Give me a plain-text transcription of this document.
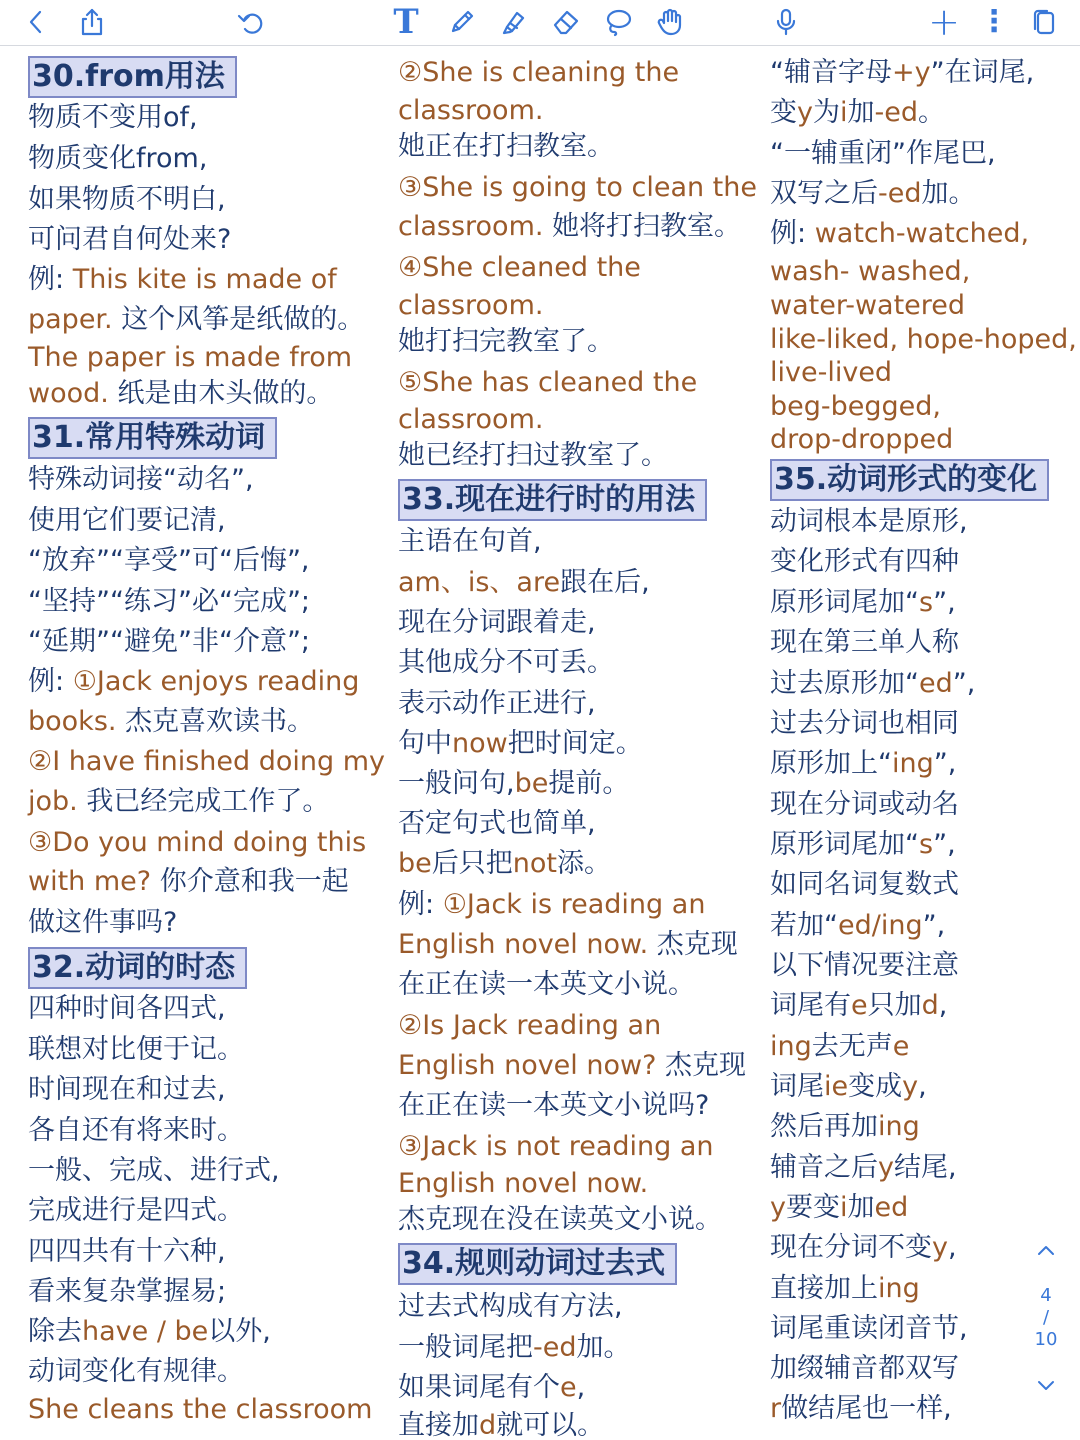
T	+ ⋮
30.from用法
物质不变用of,
物质变化from,
如果物质不明白,
可问君自何处来?
例: This kite is made of
paper. 这个风筝是纸做的。
The paper is made from
wood. 纸是由木头做的。
31.常用特殊动词
特殊动词接“动名”,
使用它们要记清,
“放弃”“享受”可“后悔”,
“坚持”“练习”必“完成”;
“延期”“避免”非“介意”;
例: ①Jack enjoys reading
books. 杰克喜欢读书。
②I have finished doing my
job. 我已经完成工作了。
③Do you mind doing this
with me? 你介意和我一起
做这件事吗?
32.动词的时态
四种时间各四式,
联想对比便于记。
时间现在和过去,
各自还有将来时。
一般、完成、进行式,
完成进行是四式。
四四共有十六种,
看来复杂掌握易;
除去have / be以外,
动词变化有规律。
She cleans the classroom
②She is cleaning the
classroom.
她正在打扫教室。
③She is going to clean the
classroom. 她将打扫教室。
④She cleaned the
classroom.
她打扫完教室了。
⑤She has cleaned the
classroom.
她已经打扫过教室了。
33.现在进行时的用法
主语在句首,
am、is、are跟在后,
现在分词跟着走,
其他成分不可丢。
表示动作正进行,
句中now把时间定。
一般问句,be提前。
否定句式也简单,
be后只把not添。
例: ①Jack is reading an
English novel now. 杰克现
在正在读一本英文小说。
②Is Jack reading an
English novel now? 杰克现
在正在读一本英文小说吗?
③Jack is not reading an
English novel now.
杰克现在没在读英文小说。
34.规则动词过去式
过去式构成有方法,
一般词尾把-ed加。
如果词尾有个e,
直接加d就可以。
“辅音字母+y”在词尾,
变y为i加-ed。
“一辅重闭”作尾巴,
双写之后-ed加。
例: watch-watched,
wash- washed,
water-watered
like-liked, hope-hoped,
live-lived
beg-begged,
drop-dropped
35.动词形式的变化
动词根本是原形,
变化形式有四种
原形词尾加“s”,
现在第三单人称
过去原形加“ed”,
过去分词也相同
原形加上“ing”,
现在分词或动名
原形词尾加“s”,
如同名词复数式
若加“ed/ing”,
以下情况要注意
词尾有e只加d,
ing去无声e
词尾ie变成y,
然后再加ing
辅音之后y结尾,
y要变i加ed
现在分词不变y,
直接加上ing
词尾重读闭音节,
加缀辅音都双写
r做结尾也一样,
4
/
10
